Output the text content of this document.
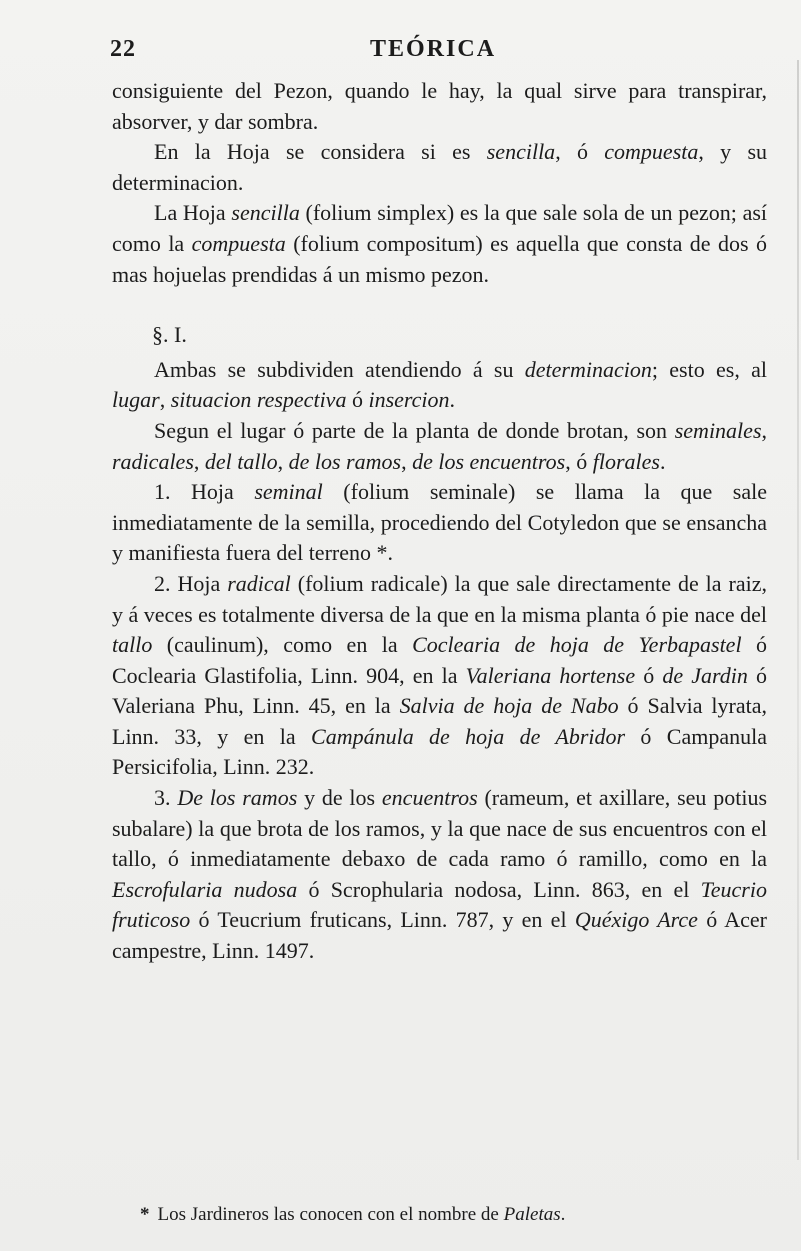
22	TEÓRICA

consiguiente del Pezon, quando le hay, la qual sirve para transpirar, absorver, y dar sombra.

En la Hoja se considera si es sencilla, ó compuesta, y su determinacion.

La Hoja sencilla (folium simplex) es la que sale sola de un pezon; así como la compuesta (folium compositum) es aquella que consta de dos ó mas hojuelas prendidas á un mismo pezon.

§. I.

Ambas se subdividen atendiendo á su determinacion; esto es, al lugar, situacion respectiva ó insercion.

Segun el lugar ó parte de la planta de donde brotan, son seminales, radicales, del tallo, de los ramos, de los encuentros, ó florales.

1. Hoja seminal (folium seminale) se llama la que sale inmediatamente de la semilla, procediendo del Cotyledon que se ensancha y manifiesta fuera del terreno *.

2. Hoja radical (folium radicale) la que sale directamente de la raiz, y á veces es totalmente diversa de la que en la misma planta ó pie nace del tallo (caulinum), como en la Coclearia de hoja de Yerbapastel ó Coclearia Glastifolia, Linn. 904, en la Valeriana hortense ó de Jardin ó Valeriana Phu, Linn. 45, en la Salvia de hoja de Nabo ó Salvia lyrata, Linn. 33, y en la Campánula de hoja de Abridor ó Campanula Persicifolia, Linn. 232.

3. De los ramos y de los encuentros (rameum, et axillare, seu potius subalare) la que brota de los ramos, y la que nace de sus encuentros con el tallo, ó inmediatamente debaxo de cada ramo ó ramillo, como en la Escrofularia nudosa ó Scrophularia nodosa, Linn. 863, en el Teucrio fruticoso ó Teucrium fruticans, Linn. 787, y en el Quéxigo Arce ó Acer campestre, Linn. 1497.

* Los Jardineros las conocen con el nombre de Paletas.
